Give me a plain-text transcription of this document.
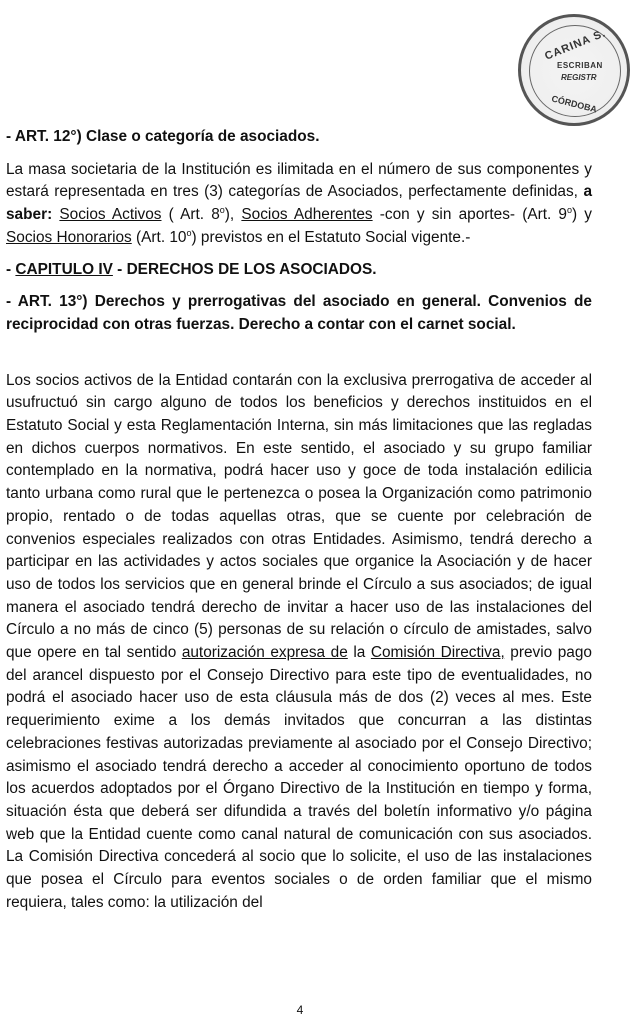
CARINA S.
ESCRIBAN
REGISTR
CÓRDOBA

- ART. 12°) Clase o categoría de asociados.

La masa societaria de la Institución es ilimitada en el número de sus componentes y estará representada en tres (3) categorías de Asociados, perfectamente definidas, a saber: Socios Activos ( Art. 8$^o$), Socios Adherentes -con y sin aportes- (Art. 9$^o$) y Socios Honorarios (Art. 10$^o$) previstos en el Estatuto Social vigente.-

- CAPITULO IV - DERECHOS DE LOS ASOCIADOS.

- ART. 13°) Derechos y prerrogativas del asociado en general. Convenios de reciprocidad con otras fuerzas. Derecho a contar con el carnet social.

Los socios activos de la Entidad contarán con la exclusiva prerrogativa de acceder al usufructuó sin cargo alguno de todos los beneficios y derechos instituidos en el Estatuto Social y esta Reglamentación Interna, sin más limitaciones que las regladas en dichos cuerpos normativos. En este sentido, el asociado y su grupo familiar contemplado en la normativa, podrá hacer uso y goce de toda instalación edilicia tanto urbana como rural que le pertenezca o posea la Organización como patrimonio propio, rentado o de todas aquellas otras, que se cuente por celebración de convenios especiales realizados con otras Entidades. Asimismo, tendrá derecho a participar en las actividades y actos sociales que organice la Asociación y de hacer uso de todos los servicios que en general brinde el Círculo a sus asociados; de igual manera el asociado tendrá derecho de invitar a hacer uso de las instalaciones del Círculo a no más de cinco (5) personas de su relación o círculo de amistades, salvo que opere en tal sentido autorización expresa de la Comisión Directiva, previo pago del arancel dispuesto por el Consejo Directivo para este tipo de eventualidades, no podrá el asociado hacer uso de esta cláusula más de dos (2) veces al mes. Este requerimiento exime a los demás invitados que concurran a las distintas celebraciones festivas autorizadas previamente al asociado por el Consejo Directivo; asimismo el asociado tendrá derecho a acceder al conocimiento oportuno de todos los acuerdos adoptados por el Órgano Directivo de la Institución en tiempo y forma, situación ésta que deberá ser difundida a través del boletín informativo y/o página web que la Entidad cuente como canal natural de comunicación con sus asociados. La Comisión Directiva concederá al socio que lo solicite, el uso de las instalaciones que posea el Círculo para eventos sociales o de orden familiar que el mismo requiera, tales como: la utilización del

4
